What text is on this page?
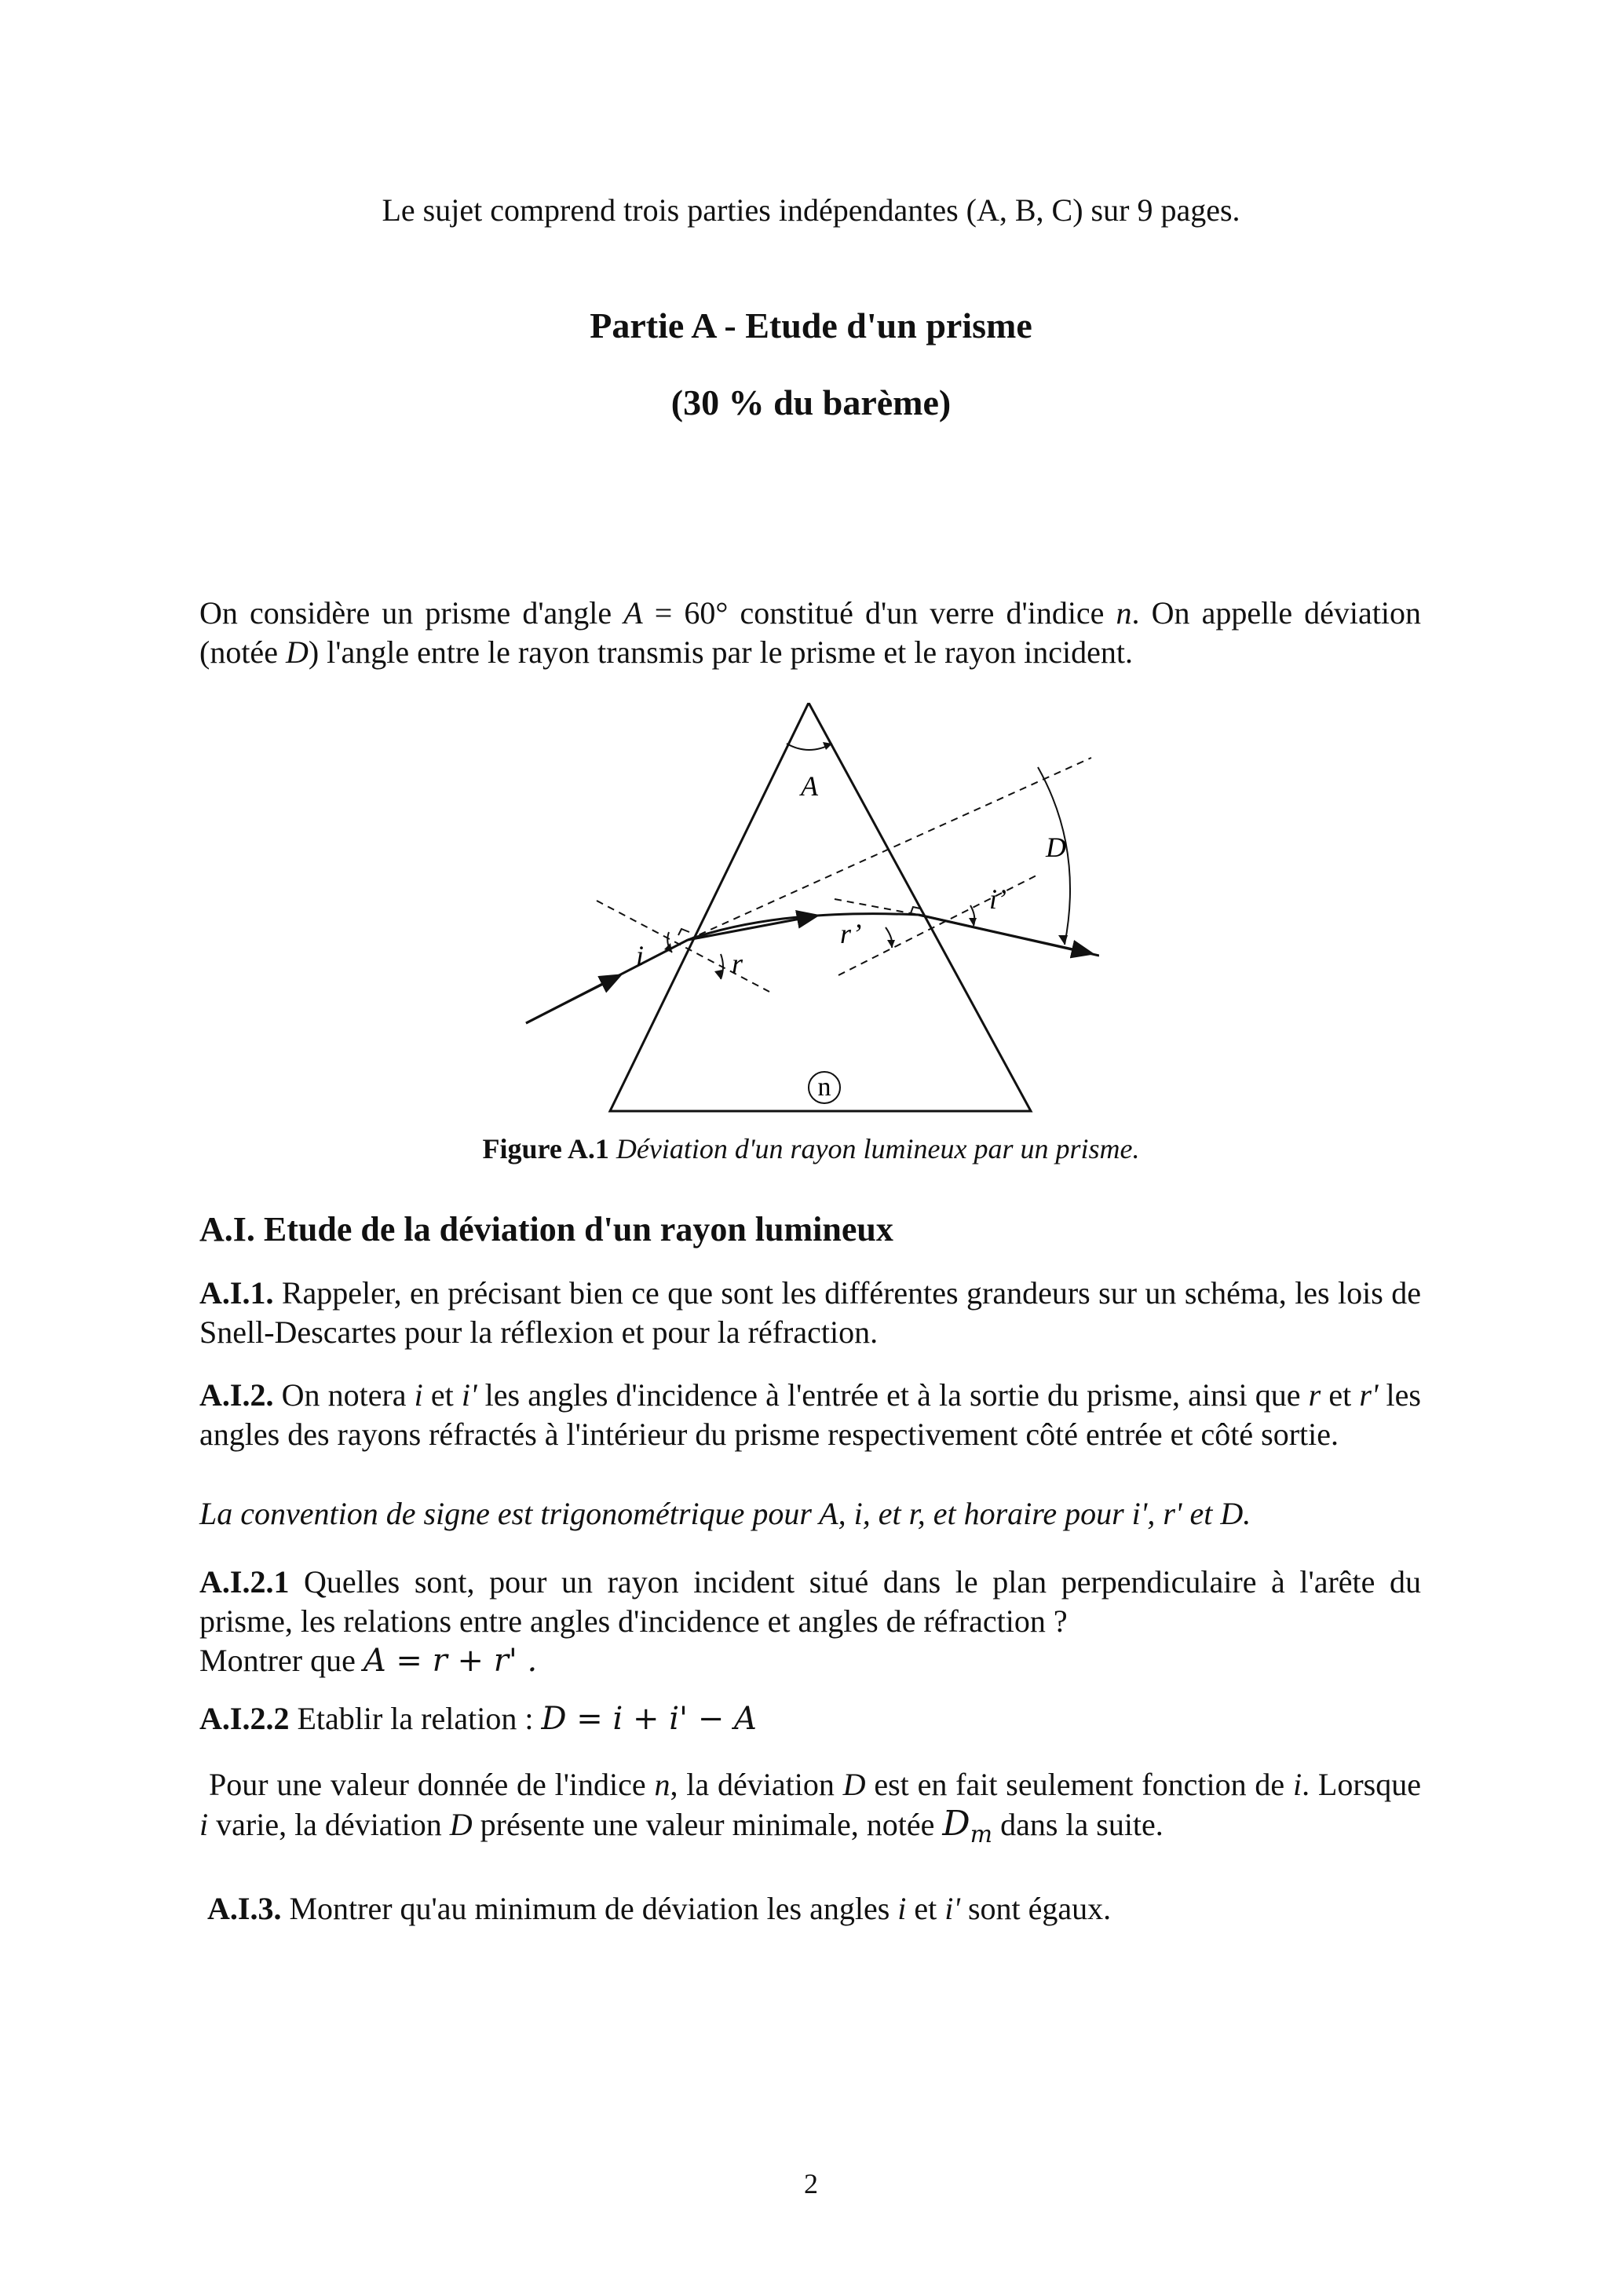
Le sujet comprend trois parties indépendantes (A, B, C) sur 9 pages.
Partie A - Etude d'un prisme
(30 % du barème)
On considère un prisme d'angle A = 60° constitué d'un verre d'indice n. On appelle déviation (notée D) l'angle entre le rayon transmis par le prisme et le rayon incident.
A
D
i	r
r’
i’
n
Figure A.1 Déviation d'un rayon lumineux par un prisme.
A.I. Etude de la déviation d'un rayon lumineux
A.I.1. Rappeler, en précisant bien ce que sont les différentes grandeurs sur un schéma, les lois de Snell-Descartes pour la réflexion et pour la réfraction.
A.I.2. On notera i et i' les angles d'incidence à l'entrée et à la sortie du prisme, ainsi que r et r' les angles des rayons réfractés à l'intérieur du prisme respectivement côté entrée et côté sortie.
La convention de signe est trigonométrique pour A, i, et r, et horaire pour i', r' et D.
A.I.2.1 Quelles sont, pour un rayon incident situé dans le plan perpendiculaire à l'arête du prisme, les relations entre angles d'incidence et angles de réfraction ?
Montrer que A = r + r' .
A.I.2.2 Etablir la relation : D = i + i' − A
Pour une valeur donnée de l'indice n, la déviation D est en fait seulement fonction de i. Lorsque i varie, la déviation D présente une valeur minimale, notée $D_m$ dans la suite.
A.I.3. Montrer qu'au minimum de déviation les angles i et i' sont égaux.
2
